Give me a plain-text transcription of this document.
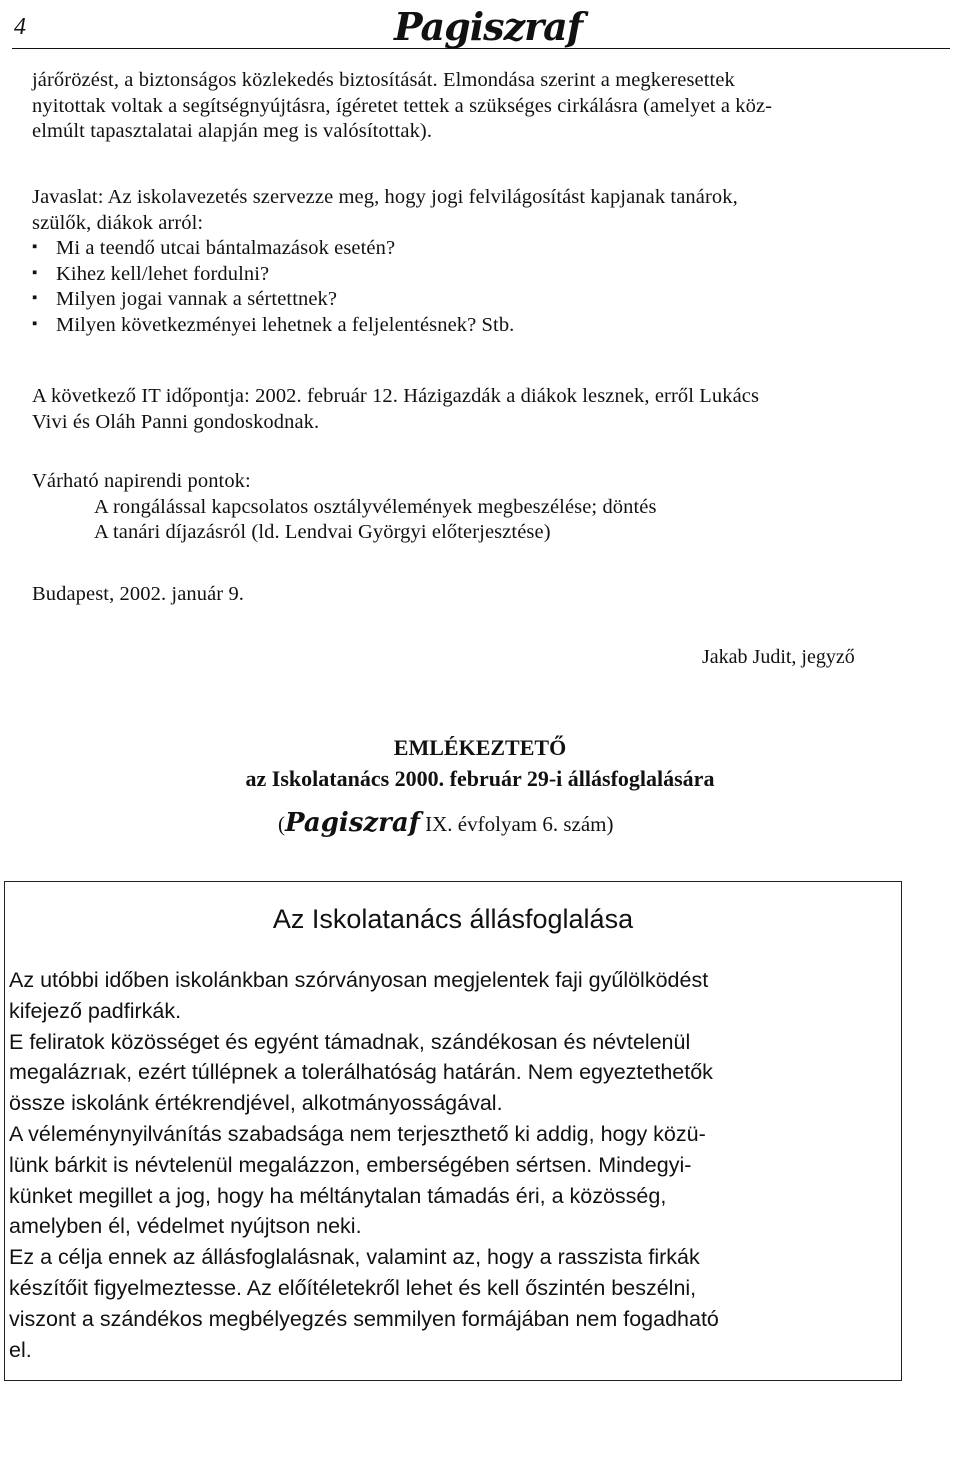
4	Pagiszraf

járőrözést, a biztonságos közlekedés biztosítását. Elmondása szerint a megkeresettek

nyitottak voltak a segítségnyújtásra, ígéretet tettek a szükséges cirkálásra (amelyet a köz-

elmúlt tapasztalatai alapján meg is valósítottak).

Javaslat: Az iskolavezetés szervezze meg, hogy jogi felvilágosítást kapjanak tanárok,

szülők, diákok arról:

▪ Mi a teendő utcai bántalmazások esetén?

▪ Kihez kell/lehet fordulni?

▪ Milyen jogai vannak a sértettnek?

▪ Milyen következményei lehetnek a feljelentésnek? Stb.

A következő IT időpontja: 2002. február 12. Házigazdák a diákok lesznek, erről Lukács

Vivi és Oláh Panni gondoskodnak.

Várható napirendi pontok:

A rongálással kapcsolatos osztályvélemények megbeszélése; döntés

A tanári díjazásról (ld. Lendvai Györgyi előterjesztése)

Budapest, 2002. január 9.
Jakab Judit, jegyző
EMLÉKEZTETŐ
az Iskolatanács 2000. február 29-i állásfoglalására
(Pagiszraf IX. évfolyam 6. szám)
Az Iskolatanács állásfoglalása

Az utóbbi időben iskolánkban szórványosan megjelentek faji gyűlölködést

kifejező padfirkák.

E feliratok közösséget és egyént támadnak, szándékosan és névtelenül

megalázrıak, ezért túllépnek a tolerálhatóság határán. Nem egyeztethetők

össze iskolánk értékrendjével, alkotmányosságával.

A véleménynyilvánítás szabadsága nem terjeszthető ki addig, hogy közü-

lünk bárkit is névtelenül megalázzon, emberségében sértsen. Mindegyi-

künket megillet a jog, hogy ha méltánytalan támadás éri, a közösség,

amelyben él, védelmet nyújtson neki.

Ez a célja ennek az állásfoglalásnak, valamint az, hogy a rasszista firkák

készítőit figyelmeztesse. Az előítéletekről lehet és kell őszintén beszélni,

viszont a szándékos megbélyegzés semmilyen formájában nem fogadható

el.
